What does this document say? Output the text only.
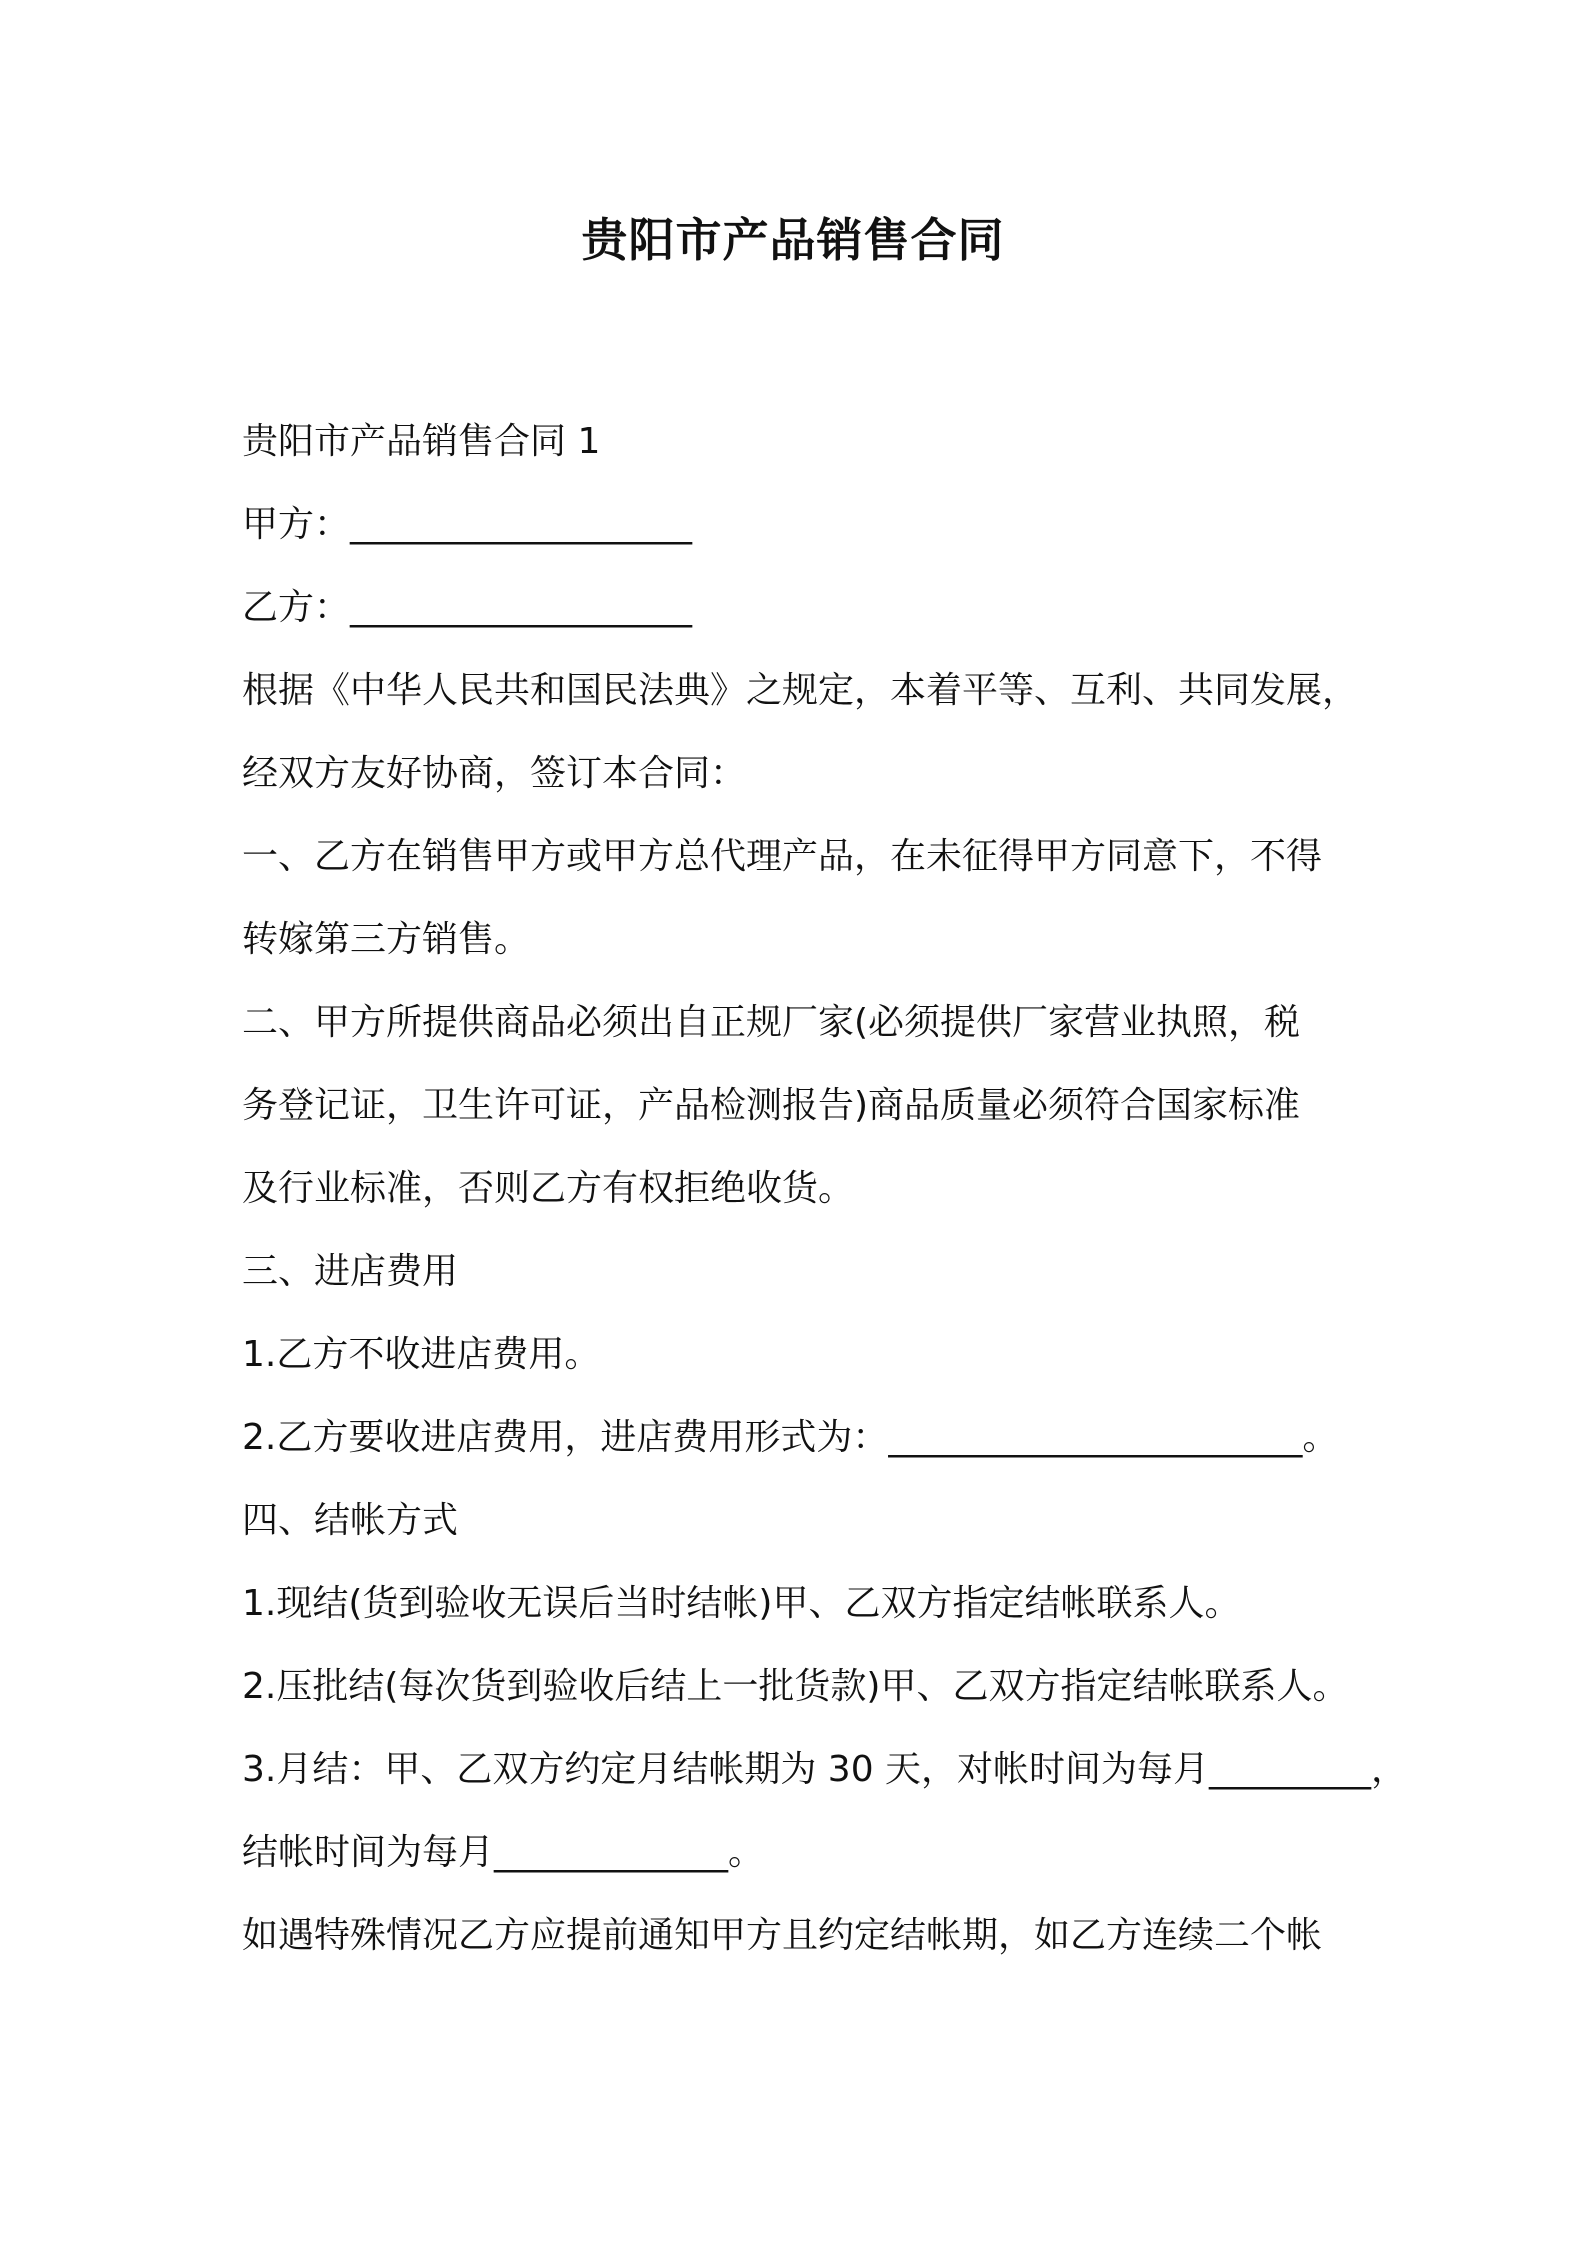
贵阳市产品销售合同

贵阳市产品销售合同 1

甲方：___________________

乙方：___________________

根据《中华人民共和国民法典》之规定，本着平等、互利、共同发展，

经双方友好协商，签订本合同：

一、乙方在销售甲方或甲方总代理产品，在未征得甲方同意下，不得

转嫁第三方销售。

二、甲方所提供商品必须出自正规厂家(必须提供厂家营业执照，税

务登记证，卫生许可证，产品检测报告)商品质量必须符合国家标准

及行业标准，否则乙方有权拒绝收货。

三、进店费用

1.乙方不收进店费用。

2.乙方要收进店费用，进店费用形式为：_______________________。

四、结帐方式

1.现结(货到验收无误后当时结帐)甲、乙双方指定结帐联系人。

2.压批结(每次货到验收后结上一批货款)甲、乙双方指定结帐联系人。

3.月结：甲、乙双方约定月结帐期为 30 天，对帐时间为每月_________，

结帐时间为每月_____________。

如遇特殊情况乙方应提前通知甲方且约定结帐期，如乙方连续二个帐
